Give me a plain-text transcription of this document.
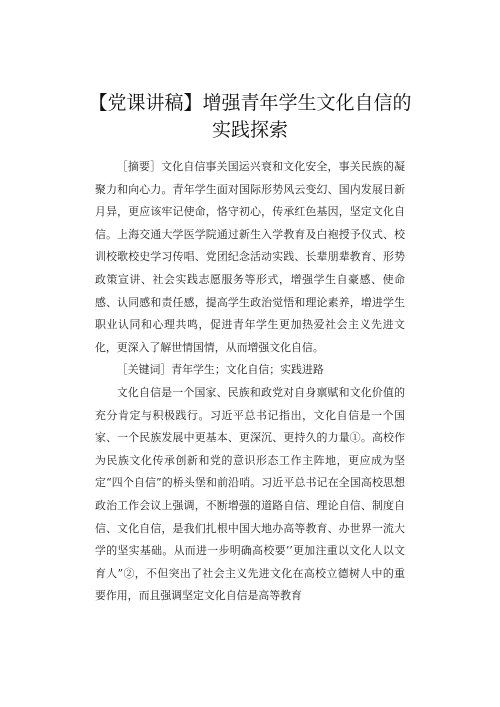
【党课讲稿】增强青年学生文化自信的实践探索

［摘要］文化自信事关国运兴衰和文化安全，事关民族的凝聚力和向心力。青年学生面对国际形势风云变幻、国内发展日新月异，更应该牢记使命，恪守初心，传承红色基因，坚定文化自信。上海交通大学医学院通过新生入学教育及白袍授予仪式、校训校歌校史学习传唱、党团纪念活动实践、长辈朋辈教育、形势政策宣讲、社会实践志愿服务等形式，增强学生自豪感、使命感、认同感和责任感，提高学生政治觉悟和理论素养，增进学生职业认同和心理共鸣，促进青年学生更加热爱社会主义先进文化，更深入了解世情国情，从而增强文化自信。

［关键词］青年学生；文化自信；实践进路

文化自信是一个国家、民族和政党对自身禀赋和文化价值的充分肯定与积极践行。习近平总书记指出，文化自信是一个国家、一个民族发展中更基本、更深沉、更持久的力量①。高校作为民族文化传承创新和党的意识形态工作主阵地，更应成为坚定“四个自信”的桥头堡和前沿哨。习近平总书记在全国高校思想政治工作会议上强调，不断增强的道路自信、理论自信、制度自信、文化自信，是我们扎根中国大地办高等教育、办世界一流大学的坚实基础。从而进一步明确高校要’’更加注重以文化人以文育人”②，不但突出了社会主义先进文化在高校立德树人中的重要作用，而且强调坚定文化自信是高等教育
